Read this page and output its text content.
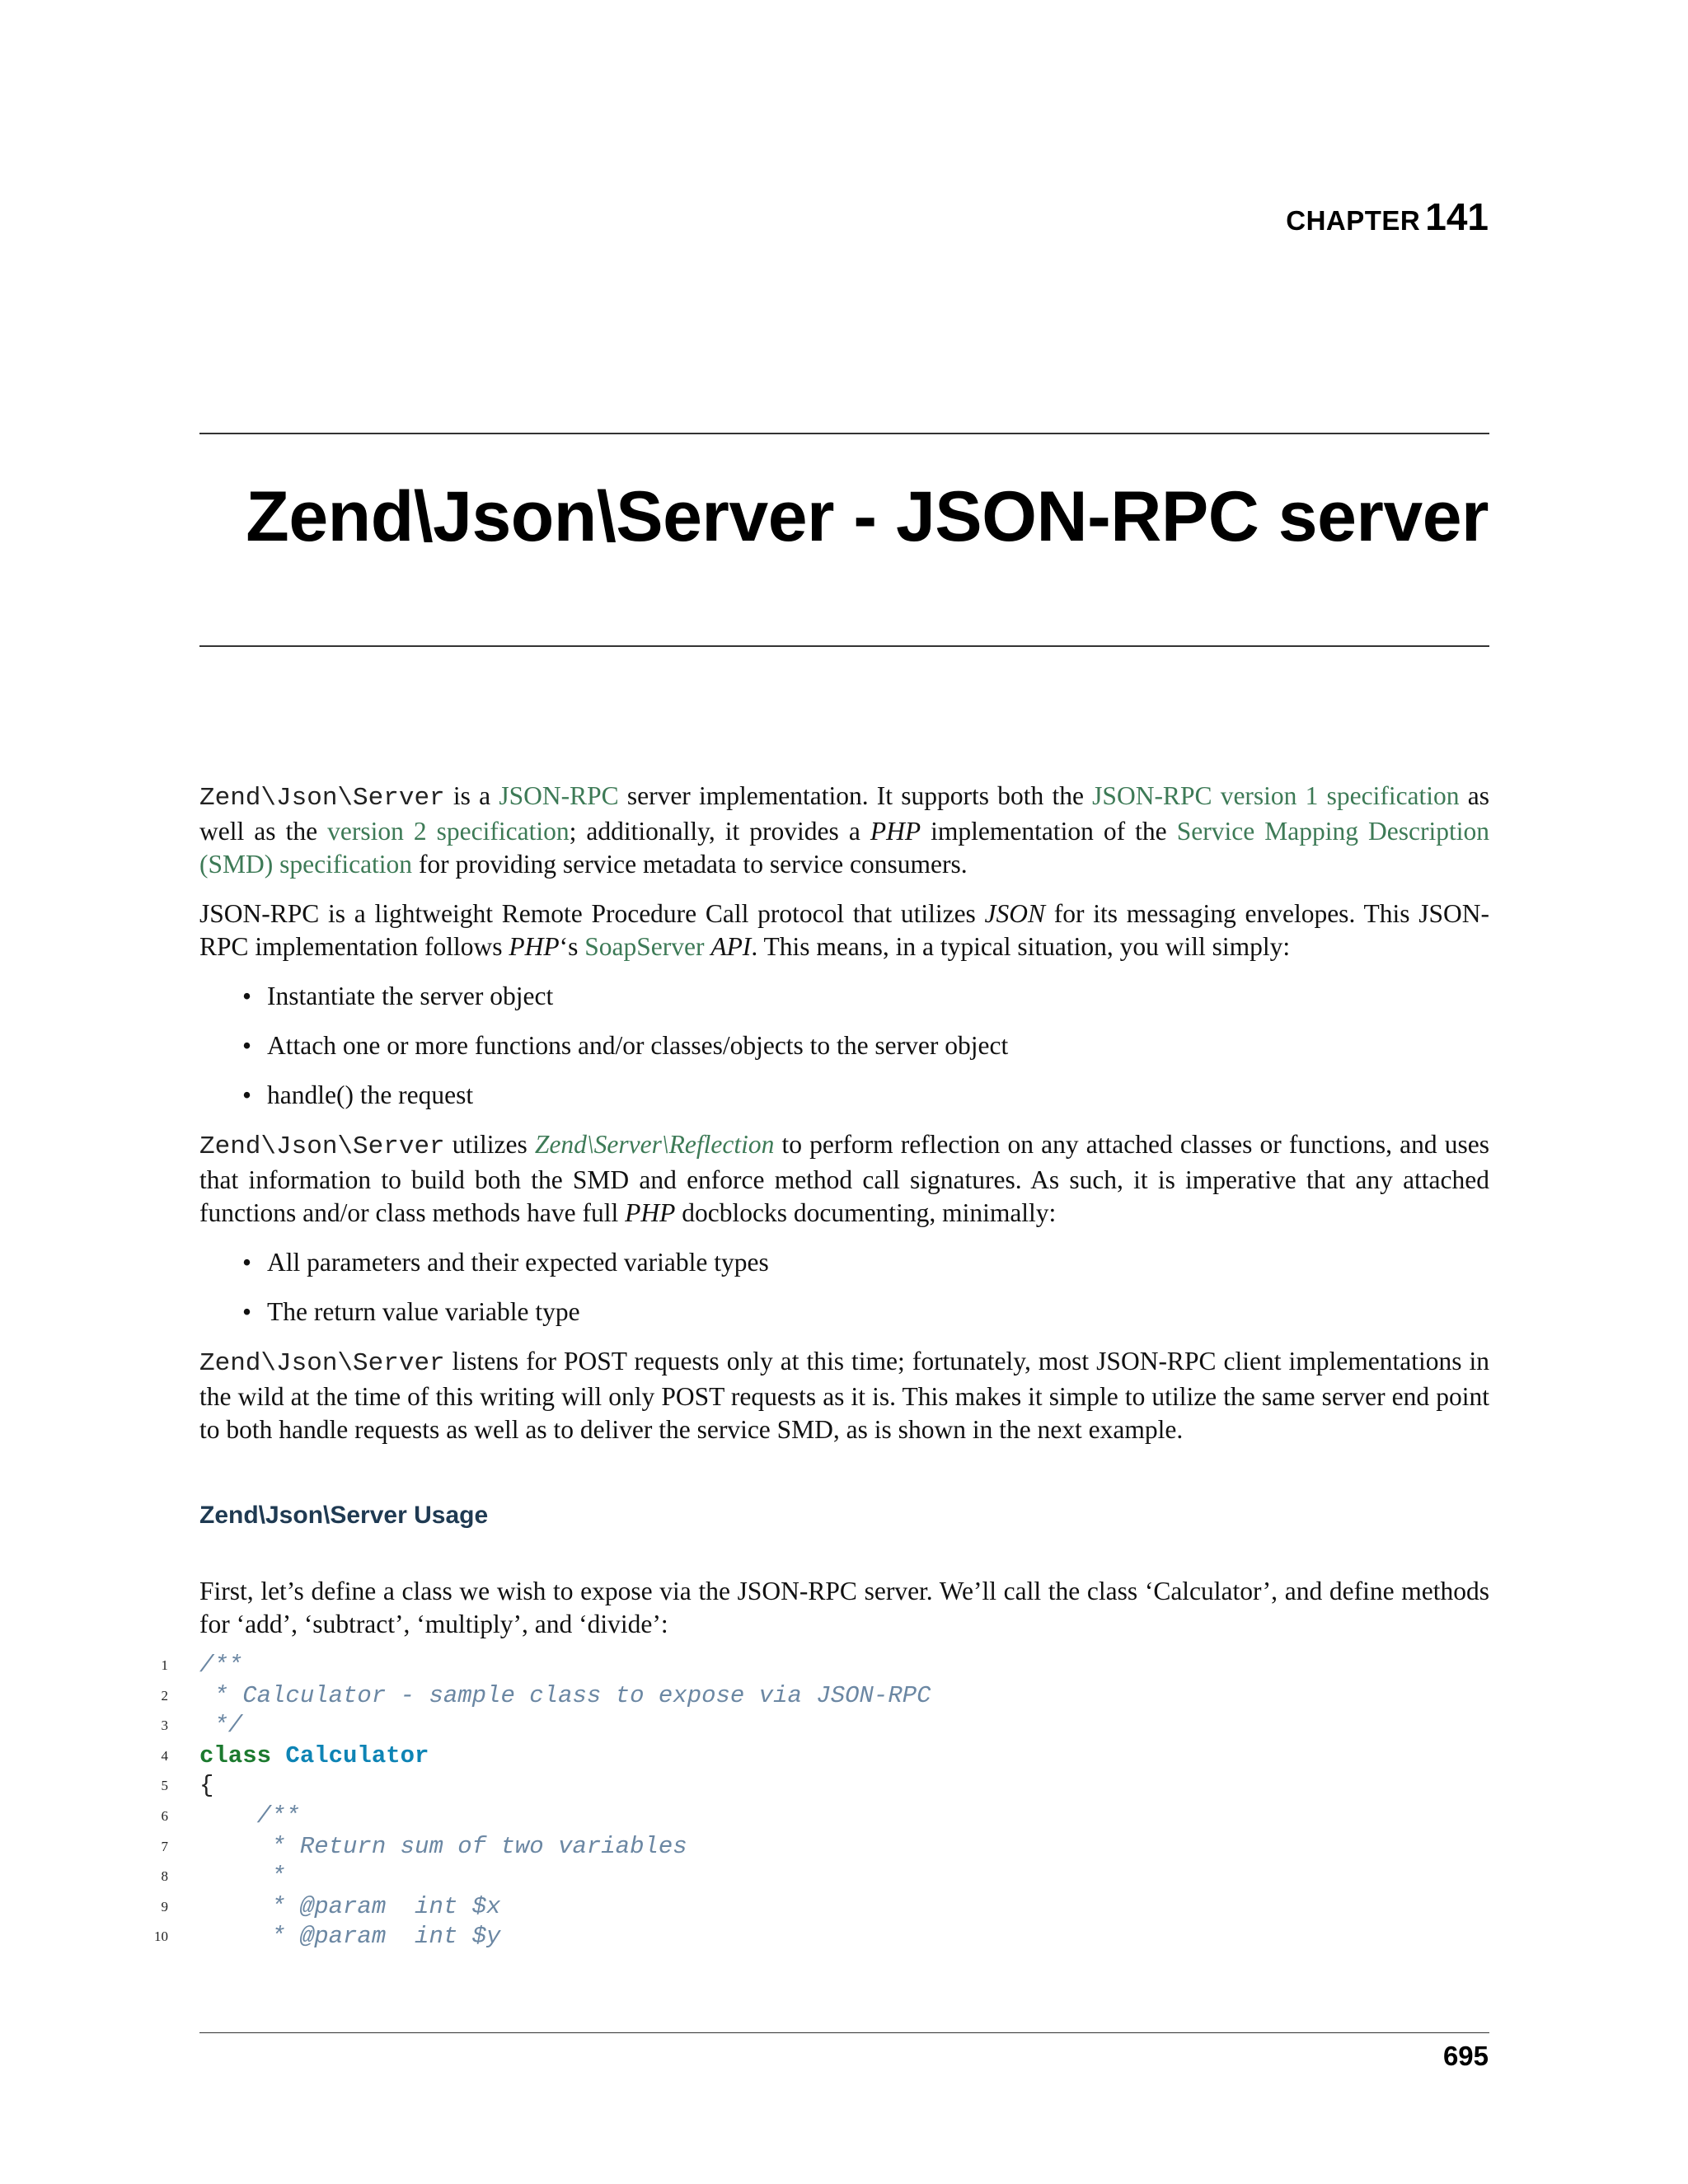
CHAPTER 141
Zend\Json\Server - JSON-RPC server

Zend\Json\Server is a JSON-RPC server implementation. It supports both the JSON-RPC version 1 specification as well as the version 2 specification; additionally, it provides a PHP implementation of the Service Mapping Description (SMD) specification for providing service metadata to service consumers.

JSON-RPC is a lightweight Remote Procedure Call protocol that utilizes JSON for its messaging envelopes. This JSON-RPC implementation follows PHP‘s SoapServer API. This means, in a typical situation, you will simply:

• Instantiate the server object
• Attach one or more functions and/or classes/objects to the server object
• handle() the request

Zend\Json\Server utilizes Zend\Server\Reflection to perform reflection on any attached classes or functions, and uses that information to build both the SMD and enforce method call signatures. As such, it is imperative that any attached functions and/or class methods have full PHP docblocks documenting, minimally:

• All parameters and their expected variable types
• The return value variable type

Zend\Json\Server listens for POST requests only at this time; fortunately, most JSON-RPC client implementations in the wild at the time of this writing will only POST requests as it is. This makes it simple to utilize the same server end point to both handle requests as well as to deliver the service SMD, as is shown in the next example.

Zend\Json\Server Usage

First, let’s define a class we wish to expose via the JSON-RPC server. We’ll call the class ‘Calculator’, and define methods for ‘add’, ‘subtract’, ‘multiply’, and ‘divide’:

1 /**
2 * Calculator - sample class to expose via JSON-RPC
3 */
4 class Calculator
5 {
6 /**
7 * Return sum of two variables
8 *
9 * @param  int $x
10 * @param  int $y
695
